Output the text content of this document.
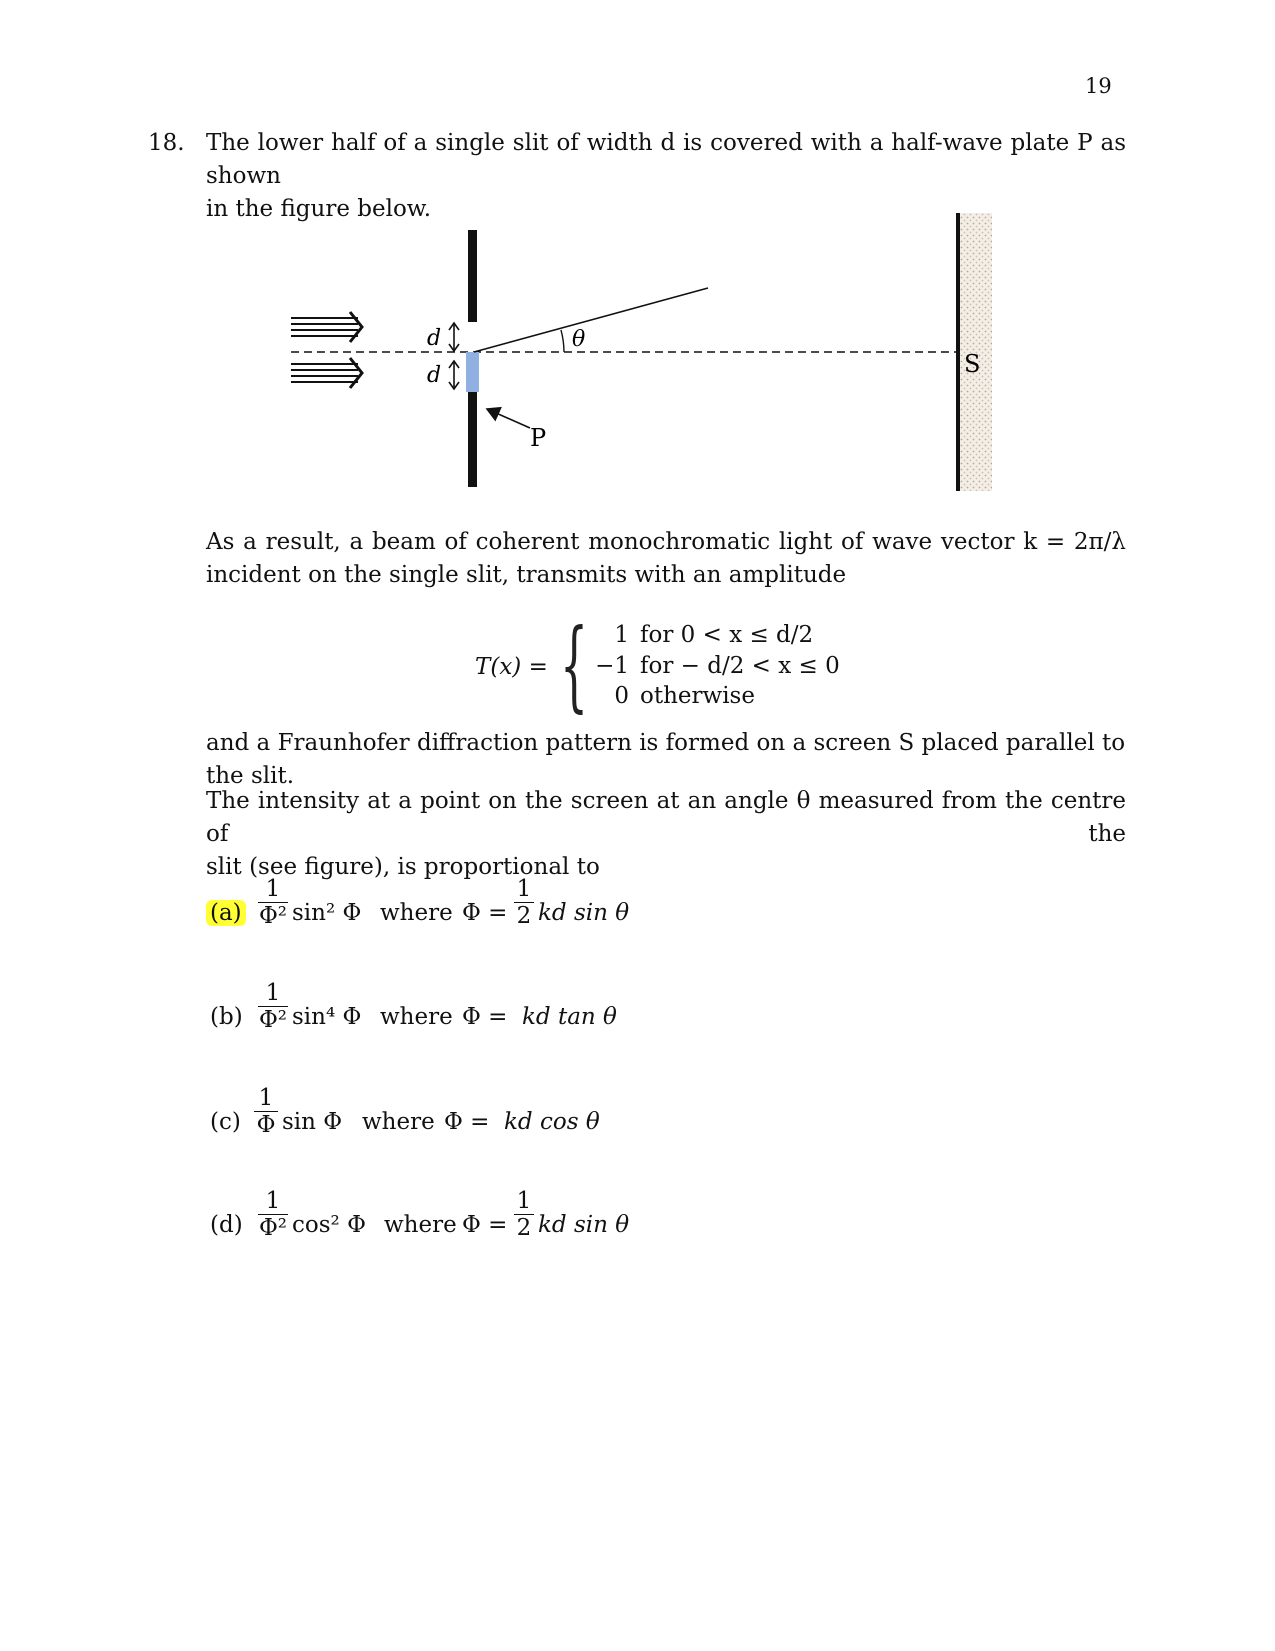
19
18. The lower half of a single slit of width d is covered with a half-wave plate P as shown
in the figure below.
d
d
θ
P
S
As a result, a beam of coherent monochromatic light of wave vector k = 2π/λ
incident on the single slit, transmits with an amplitude
T(x) = {	1 for 0 < x ≤ d/2
−1 for − d/2 < x ≤ 0
0 otherwise
and a Fraunhofer diffraction pattern is formed on a screen S placed parallel to the slit.
The intensity at a point on the screen at an angle θ measured from the centre of the
slit (see figure), is proportional to
(a)
1
Φ² sin² Φ where Φ =
1
2 kd sin θ
(b)
1
Φ² sin⁴ Φ where Φ = kd tan θ
(c)
1
Φ sin Φ where Φ = kd cos θ
(d)
1
Φ² cos² Φ where Φ =
1
2 kd sin θ
